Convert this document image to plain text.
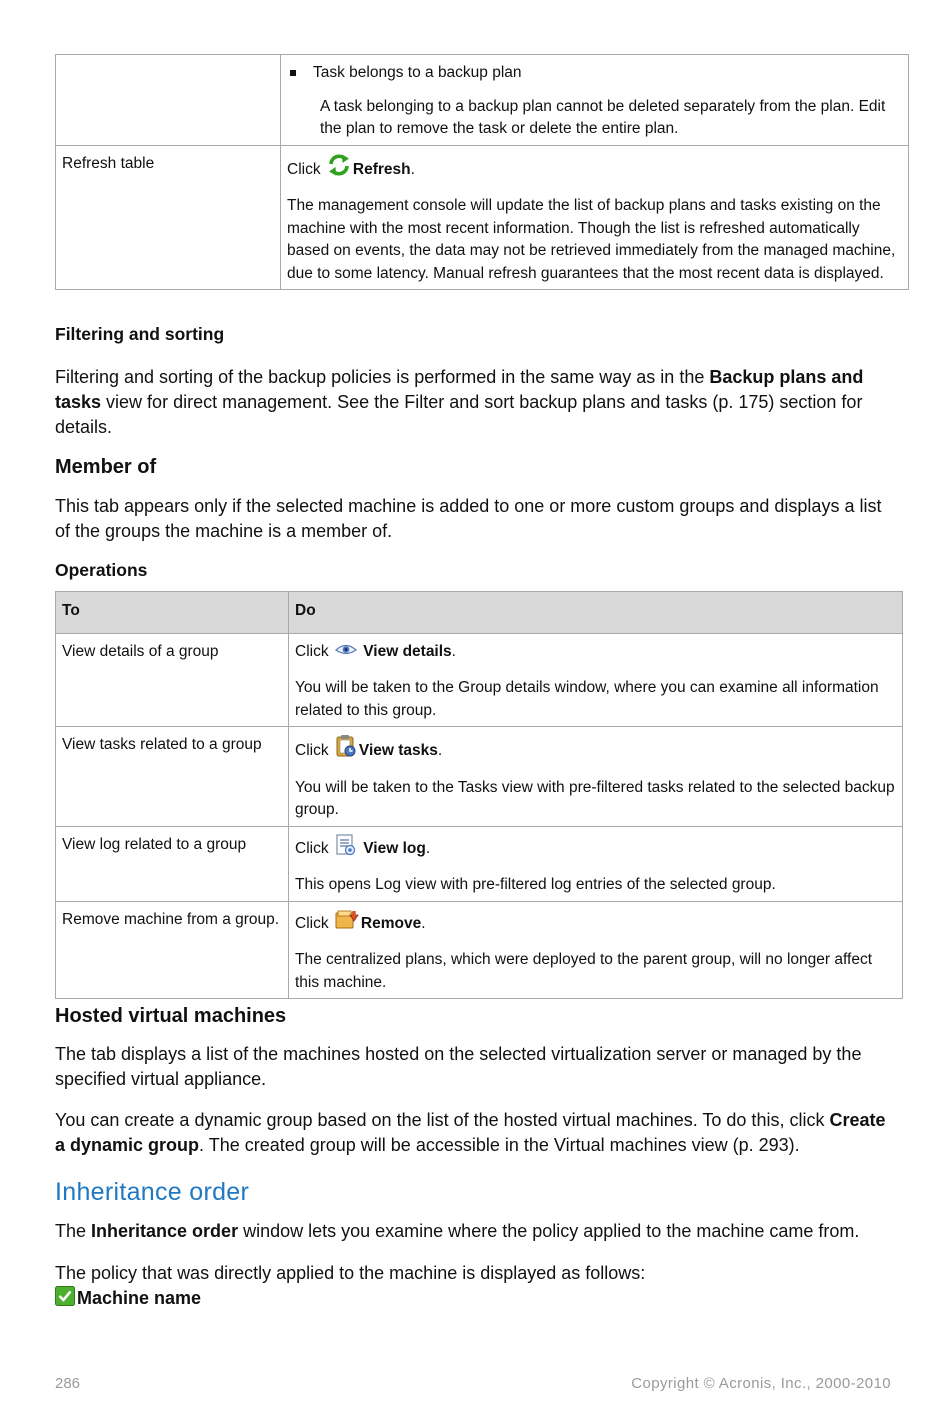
Task belongs to a backup plan

A task belonging to a backup plan cannot be deleted separately from the plan. Edit the plan to remove the task or delete the entire plan.

Refresh table	Click Refresh.

The management console will update the list of backup plans and tasks existing on the machine with the most recent information. Though the list is refreshed automatically based on events, the data may not be retrieved immediately from the managed machine, due to some latency. Manual refresh guarantees that the most recent data is displayed.

Filtering and sorting

Filtering and sorting of the backup policies is performed in the same way as in the Backup plans and tasks view for direct management. See the Filter and sort backup plans and tasks (p. 175) section for details.

Member of

This tab appears only if the selected machine is added to one or more custom groups and displays a list of the groups the machine is a member of.

Operations

To	Do
View details of a group	Click View details.

You will be taken to the Group details window, where you can examine all information related to this group.

View tasks related to a group	Click View tasks.

You will be taken to the Tasks view with pre-filtered tasks related to the selected backup group.

View log related to a group	Click View log.

This opens Log view with pre-filtered log entries of the selected group.

Remove machine from a group.	Click Remove.

The centralized plans, which were deployed to the parent group, will no longer affect this machine.

Hosted virtual machines

The tab displays a list of the machines hosted on the selected virtualization server or managed by the specified virtual appliance.

You can create a dynamic group based on the list of the hosted virtual machines. To do this, click Create a dynamic group. The created group will be accessible in the Virtual machines view (p. 293).

Inheritance order

The Inheritance order window lets you examine where the policy applied to the machine came from.

The policy that was directly applied to the machine is displayed as follows:

Machine name

286	Copyright © Acronis, Inc., 2000-2010
